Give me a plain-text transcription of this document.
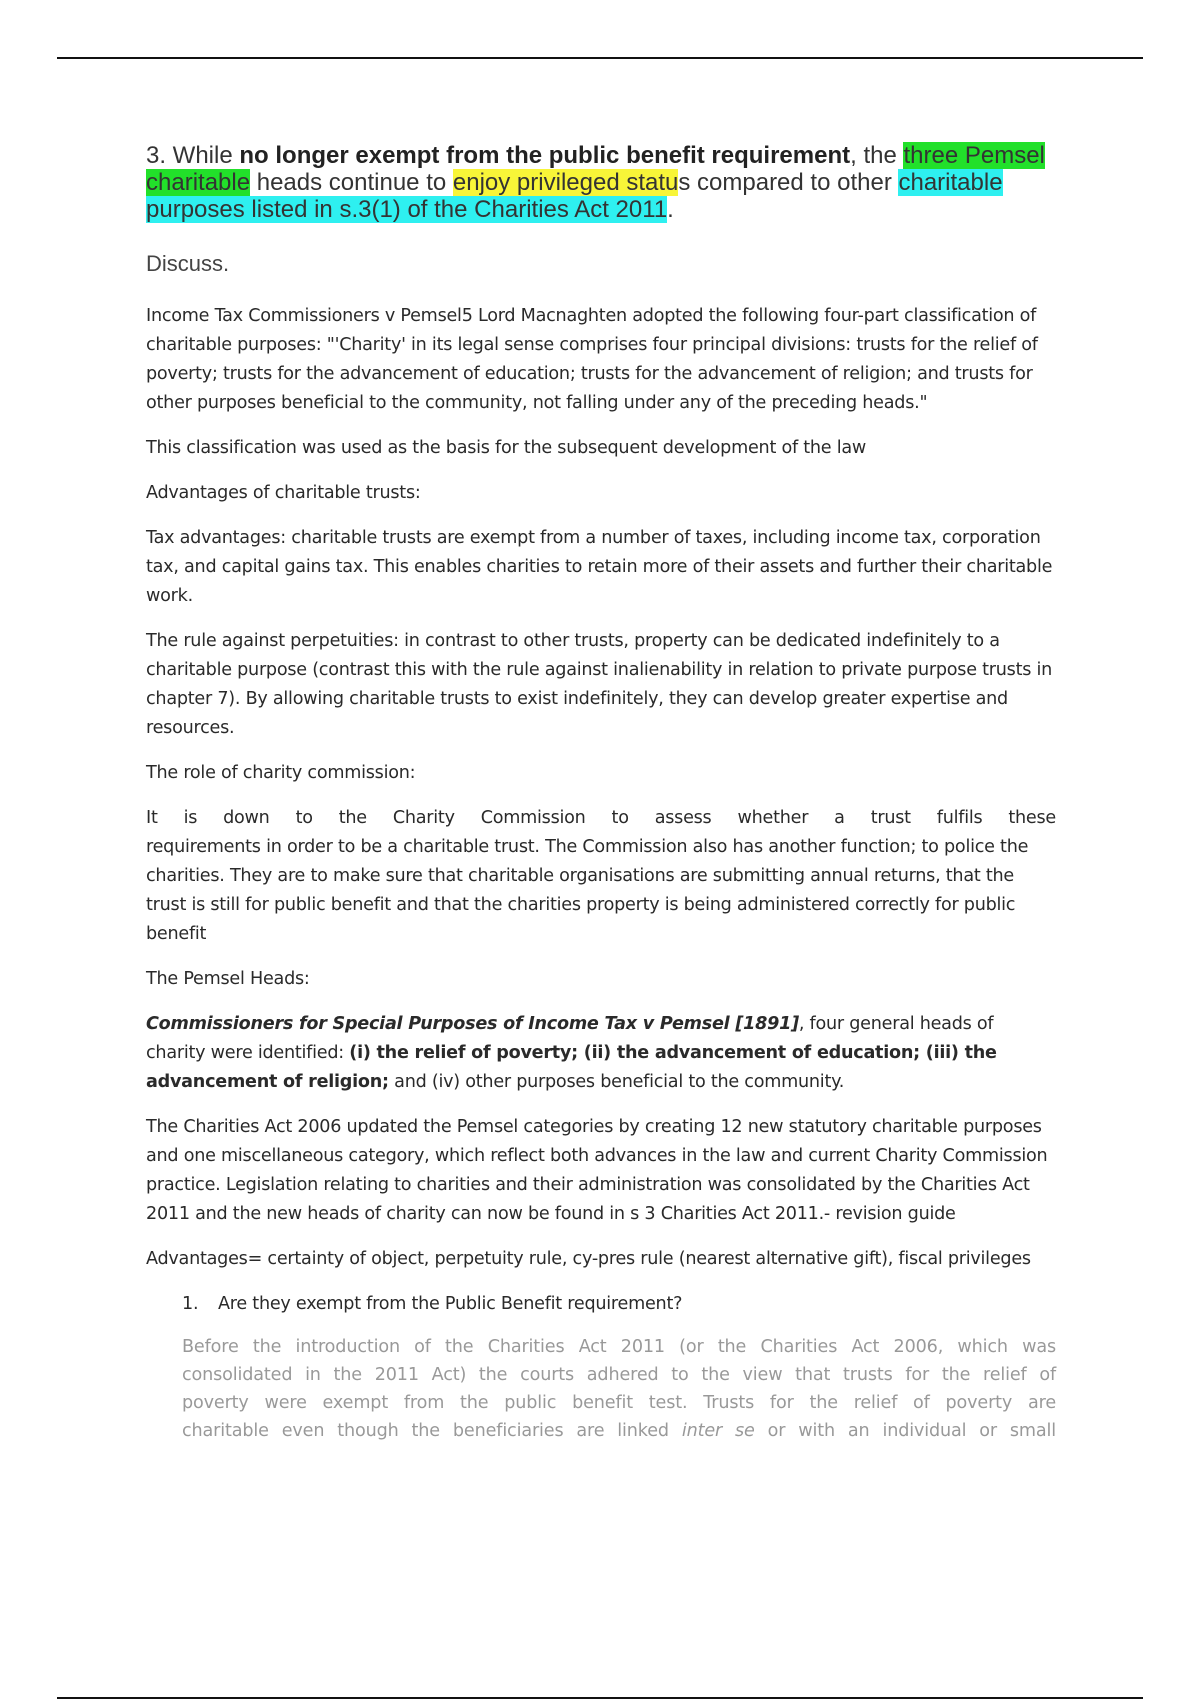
3. While no longer exempt from the public benefit requirement, the three Pemsel
charitable heads continue to enjoy privileged status compared to other charitable
purposes listed in s.3(1) of the Charities Act 2011.

Discuss.

Income Tax Commissioners v Pemsel5 Lord Macnaghten adopted the following four-part classification of charitable purposes: "'Charity' in its legal sense comprises four principal divisions: trusts for the relief of poverty; trusts for the advancement of education; trusts for the advancement of religion; and trusts for other purposes beneficial to the community, not falling under any of the preceding heads."

This classification was used as the basis for the subsequent development of the law

Advantages of charitable trusts:

Tax advantages: charitable trusts are exempt from a number of taxes, including income tax, corporation tax, and capital gains tax. This enables charities to retain more of their assets and further their charitable work.

The rule against perpetuities: in contrast to other trusts, property can be dedicated indefinitely to a charitable purpose (contrast this with the rule against inalienability in relation to private purpose trusts in chapter 7). By allowing charitable trusts to exist indefinitely, they can develop greater expertise and resources.

The role of charity commission:

It is down to the Charity Commission to assess whether a trust fulfils these
requirements in order to be a charitable trust. The Commission also has another function; to police the charities. They are to make sure that charitable organisations are submitting annual returns, that the trust is still for public benefit and that the charities property is being administered correctly for public benefit

The Pemsel Heads:

Commissioners for Special Purposes of Income Tax v Pemsel [1891], four general heads of charity were identified: (i) the relief of poverty; (ii) the advancement of education; (iii) the advancement of religion; and (iv) other purposes beneficial to the community.

The Charities Act 2006 updated the Pemsel categories by creating 12 new statutory charitable purposes and one miscellaneous category, which reflect both advances in the law and current Charity Commission practice. Legislation relating to charities and their administration was consolidated by the Charities Act 2011 and the new heads of charity can now be found in s 3 Charities Act 2011.- revision guide

Advantages= certainty of object, perpetuity rule, cy-pres rule (nearest alternative gift), fiscal privileges

1.	Are they exempt from the Public Benefit requirement?
Before the introduction of the Charities Act 2011 (or the Charities Act 2006, which was
consolidated in the 2011 Act) the courts adhered to the view that trusts for the relief of
poverty were exempt from the public benefit test. Trusts for the relief of poverty are
charitable even though the beneficiaries are linked inter se or with an individual or small
